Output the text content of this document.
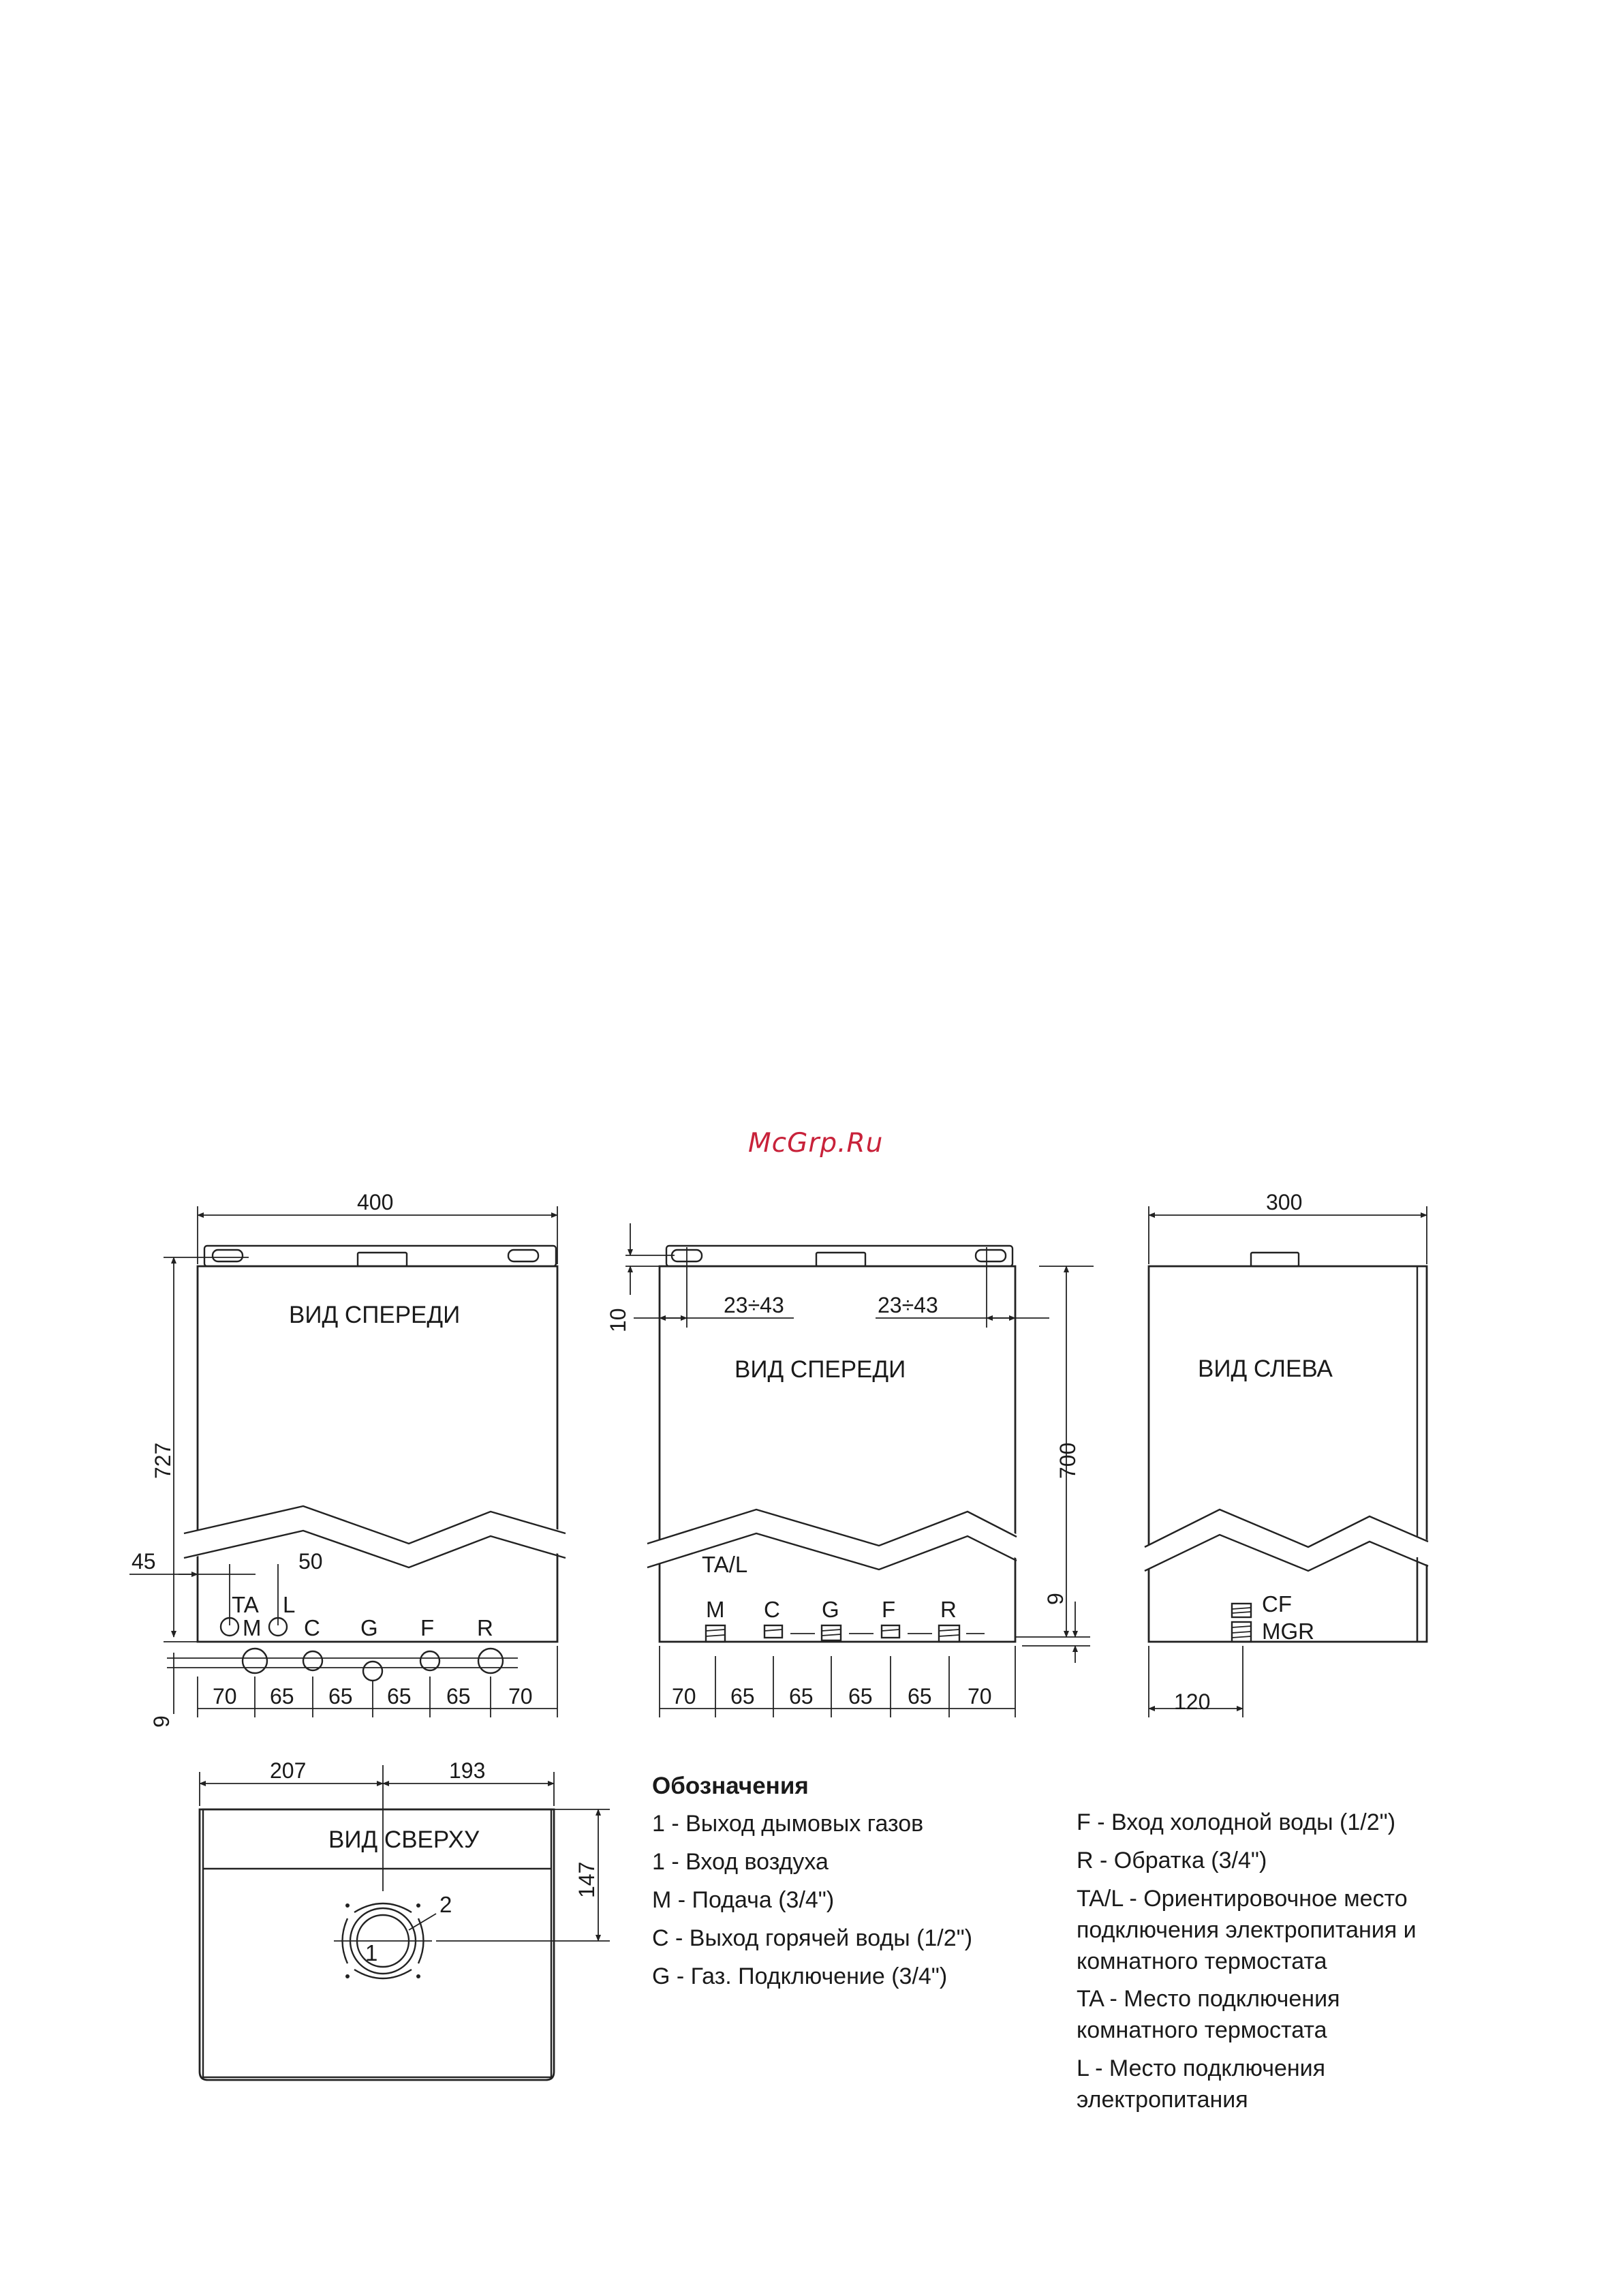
McGrp.Ru
ВИД СПЕРЕДИ
400
727
45	50
TA L
M C G F R
9
70 65 65 65 65 70
ВИД СПЕРЕДИ
TA/L
23÷43	23÷43
10
700
9
M C G F R
70 65 65 65 65 70
ВИД СЛЕВА
300
CF
MGR
120
ВИД СВЕРХУ
207	193
147
1
2
Обозначения
1 - Выход дымовых газов
1 - Вход воздуха
M - Подача (3/4")
C - Выход горячей воды (1/2")
G - Газ. Подключение (3/4")
F - Вход холодной воды (1/2")
R - Обратка (3/4")
TA/L - Ориентировочное место подключения электропитания и комнатного термостата
TA - Место подключения комнатного термостата
L - Место подключения электропитания
